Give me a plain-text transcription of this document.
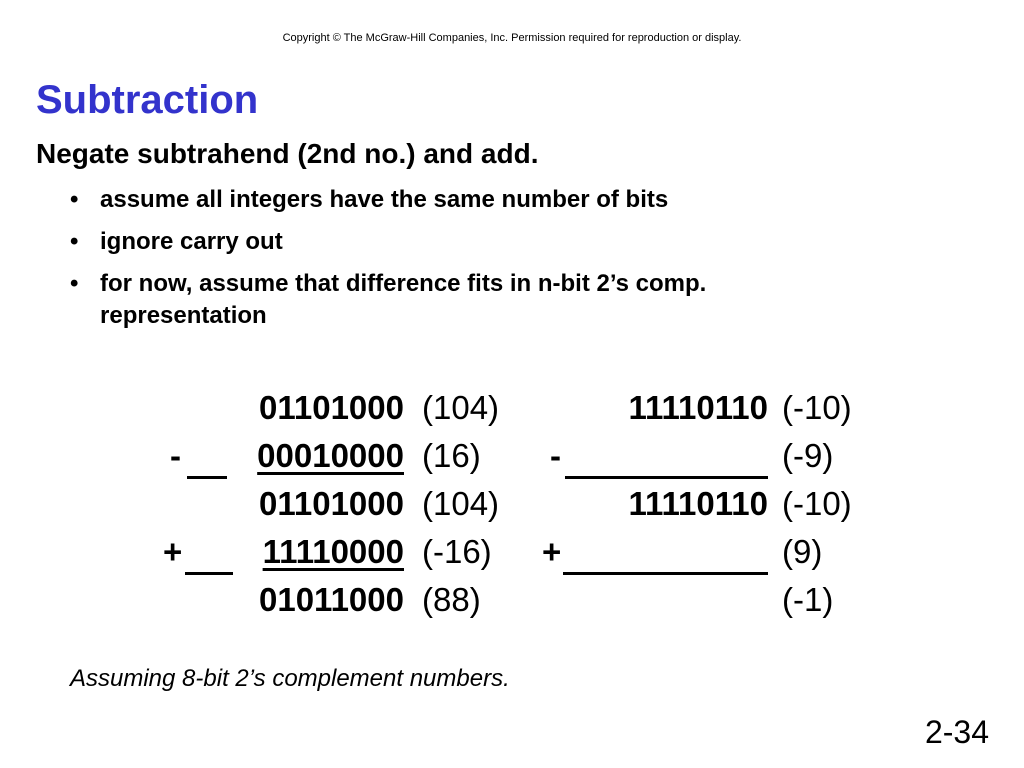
Copyright © The McGraw-Hill Companies, Inc. Permission required for reproduction or display.
Subtraction
Negate subtrahend (2nd no.) and add.
• assume all integers have the same number of bits
• ignore carry out
• for now, assume that difference fits in n-bit 2’s comp. representation
01101000 (104)
- 00010000 (16)
01101000 (104)
+ 11110000 (-16)
01011000 (88)
11110110 (-10)
-	(-9)
11110110 (-10)
+	(9)
(-1)
Assuming 8-bit 2’s complement numbers.
2-34
